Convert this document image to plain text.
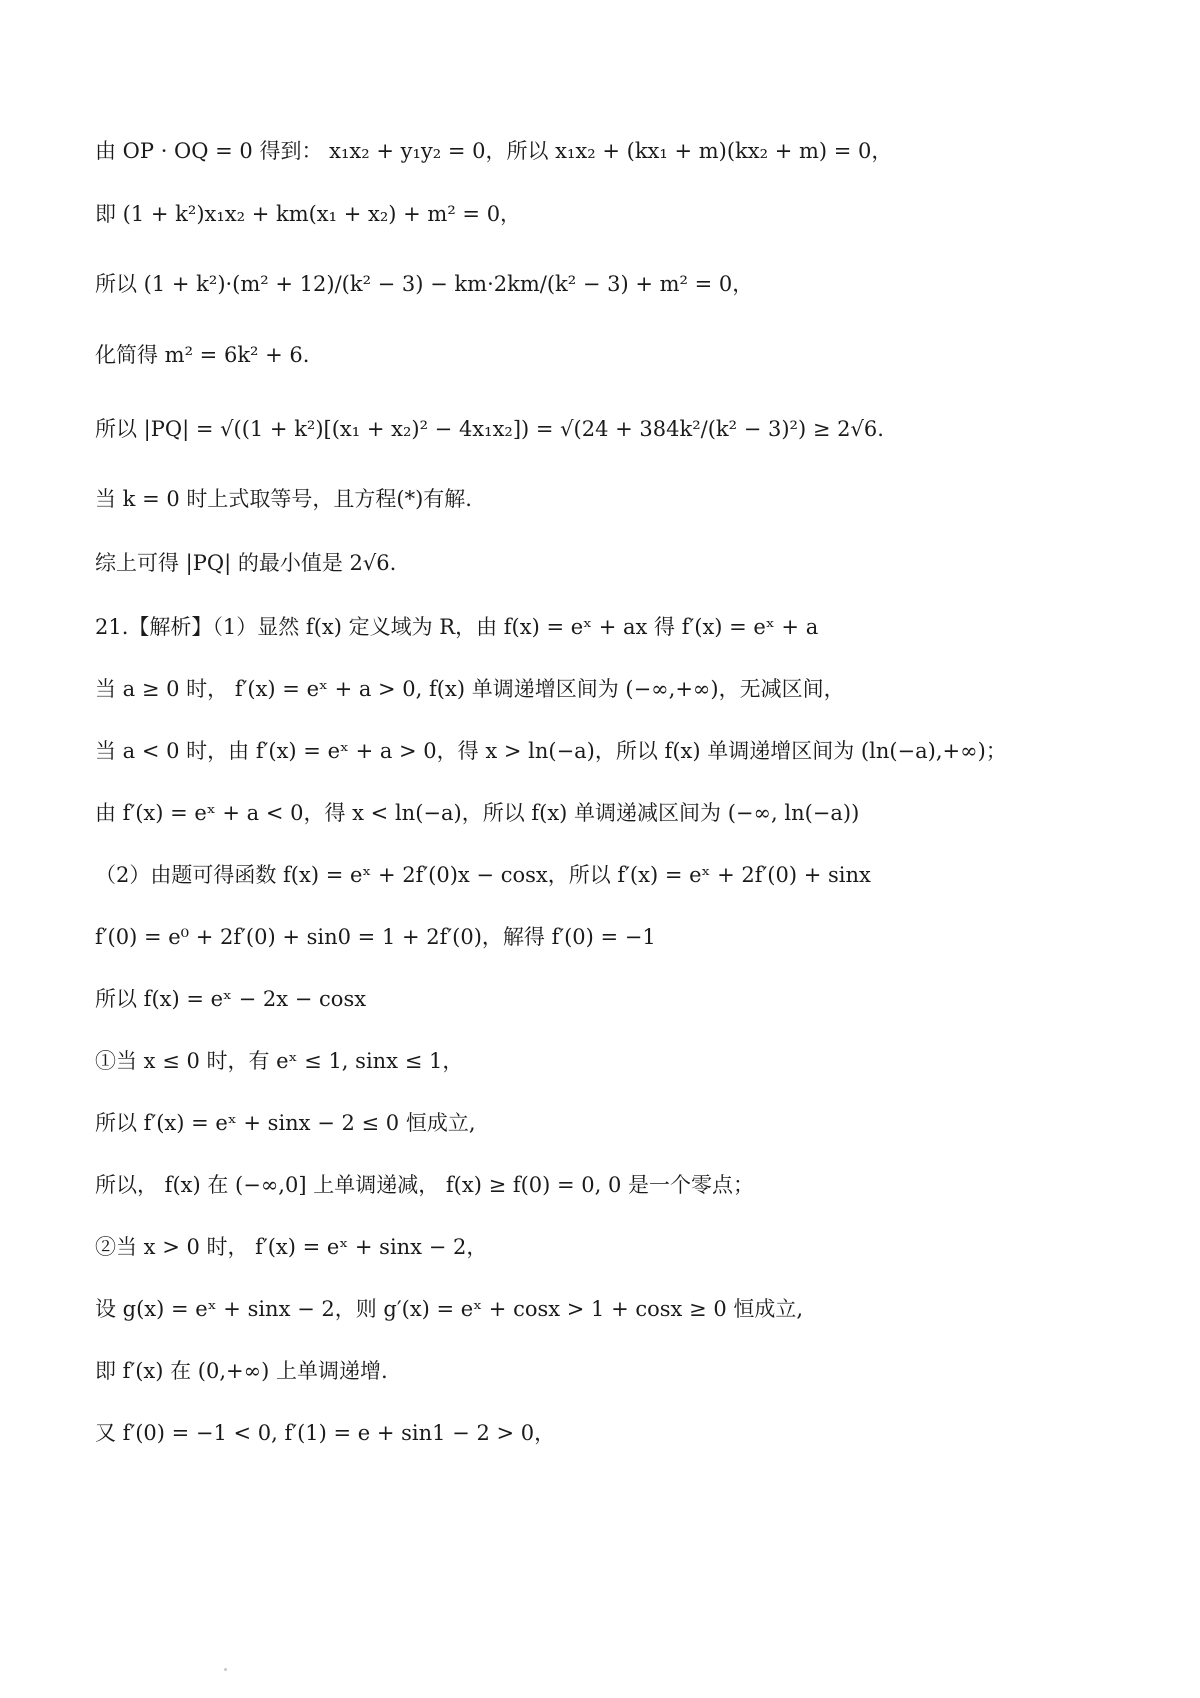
由 OP · OQ = 0 得到： x₁x₂ + y₁y₂ = 0，所以 x₁x₂ + (kx₁ + m)(kx₂ + m) = 0，
即 (1 + k²)x₁x₂ + km(x₁ + x₂) + m² = 0，
所以 (1 + k²)·(m² + 12)/(k² − 3) − km·2km/(k² − 3) + m² = 0，
化简得 m² = 6k² + 6.
所以 |PQ| = √((1 + k²)[(x₁ + x₂)² − 4x₁x₂]) = √(24 + 384k²/(k² − 3)²) ≥ 2√6.
当 k = 0 时上式取等号，且方程(*)有解.
综上可得 |PQ| 的最小值是 2√6.
21.【解析】（1）显然 f(x) 定义域为 R，由 f(x) = eˣ + ax 得 f′(x) = eˣ + a
当 a ≥ 0 时， f′(x) = eˣ + a > 0, f(x) 单调递增区间为 (−∞,+∞)，无减区间，
当 a < 0 时，由 f′(x) = eˣ + a > 0，得 x > ln(−a)，所以 f(x) 单调递增区间为 (ln(−a),+∞)；
由 f′(x) = eˣ + a < 0，得 x < ln(−a)，所以 f(x) 单调递减区间为 (−∞, ln(−a))
（2）由题可得函数 f(x) = eˣ + 2f′(0)x − cosx，所以 f′(x) = eˣ + 2f′(0) + sinx
f′(0) = e⁰ + 2f′(0) + sin0 = 1 + 2f′(0)，解得 f′(0) = −1
所以 f(x) = eˣ − 2x − cosx
①当 x ≤ 0 时，有 eˣ ≤ 1, sinx ≤ 1，
所以 f′(x) = eˣ + sinx − 2 ≤ 0 恒成立,
所以， f(x) 在 (−∞,0] 上单调递减， f(x) ≥ f(0) = 0, 0 是一个零点；
②当 x > 0 时， f′(x) = eˣ + sinx − 2，
设 g(x) = eˣ + sinx − 2，则 g′(x) = eˣ + cosx > 1 + cosx ≥ 0 恒成立,
即 f′(x) 在 (0,+∞) 上单调递增.
又 f′(0) = −1 < 0, f′(1) = e + sin1 − 2 > 0，
